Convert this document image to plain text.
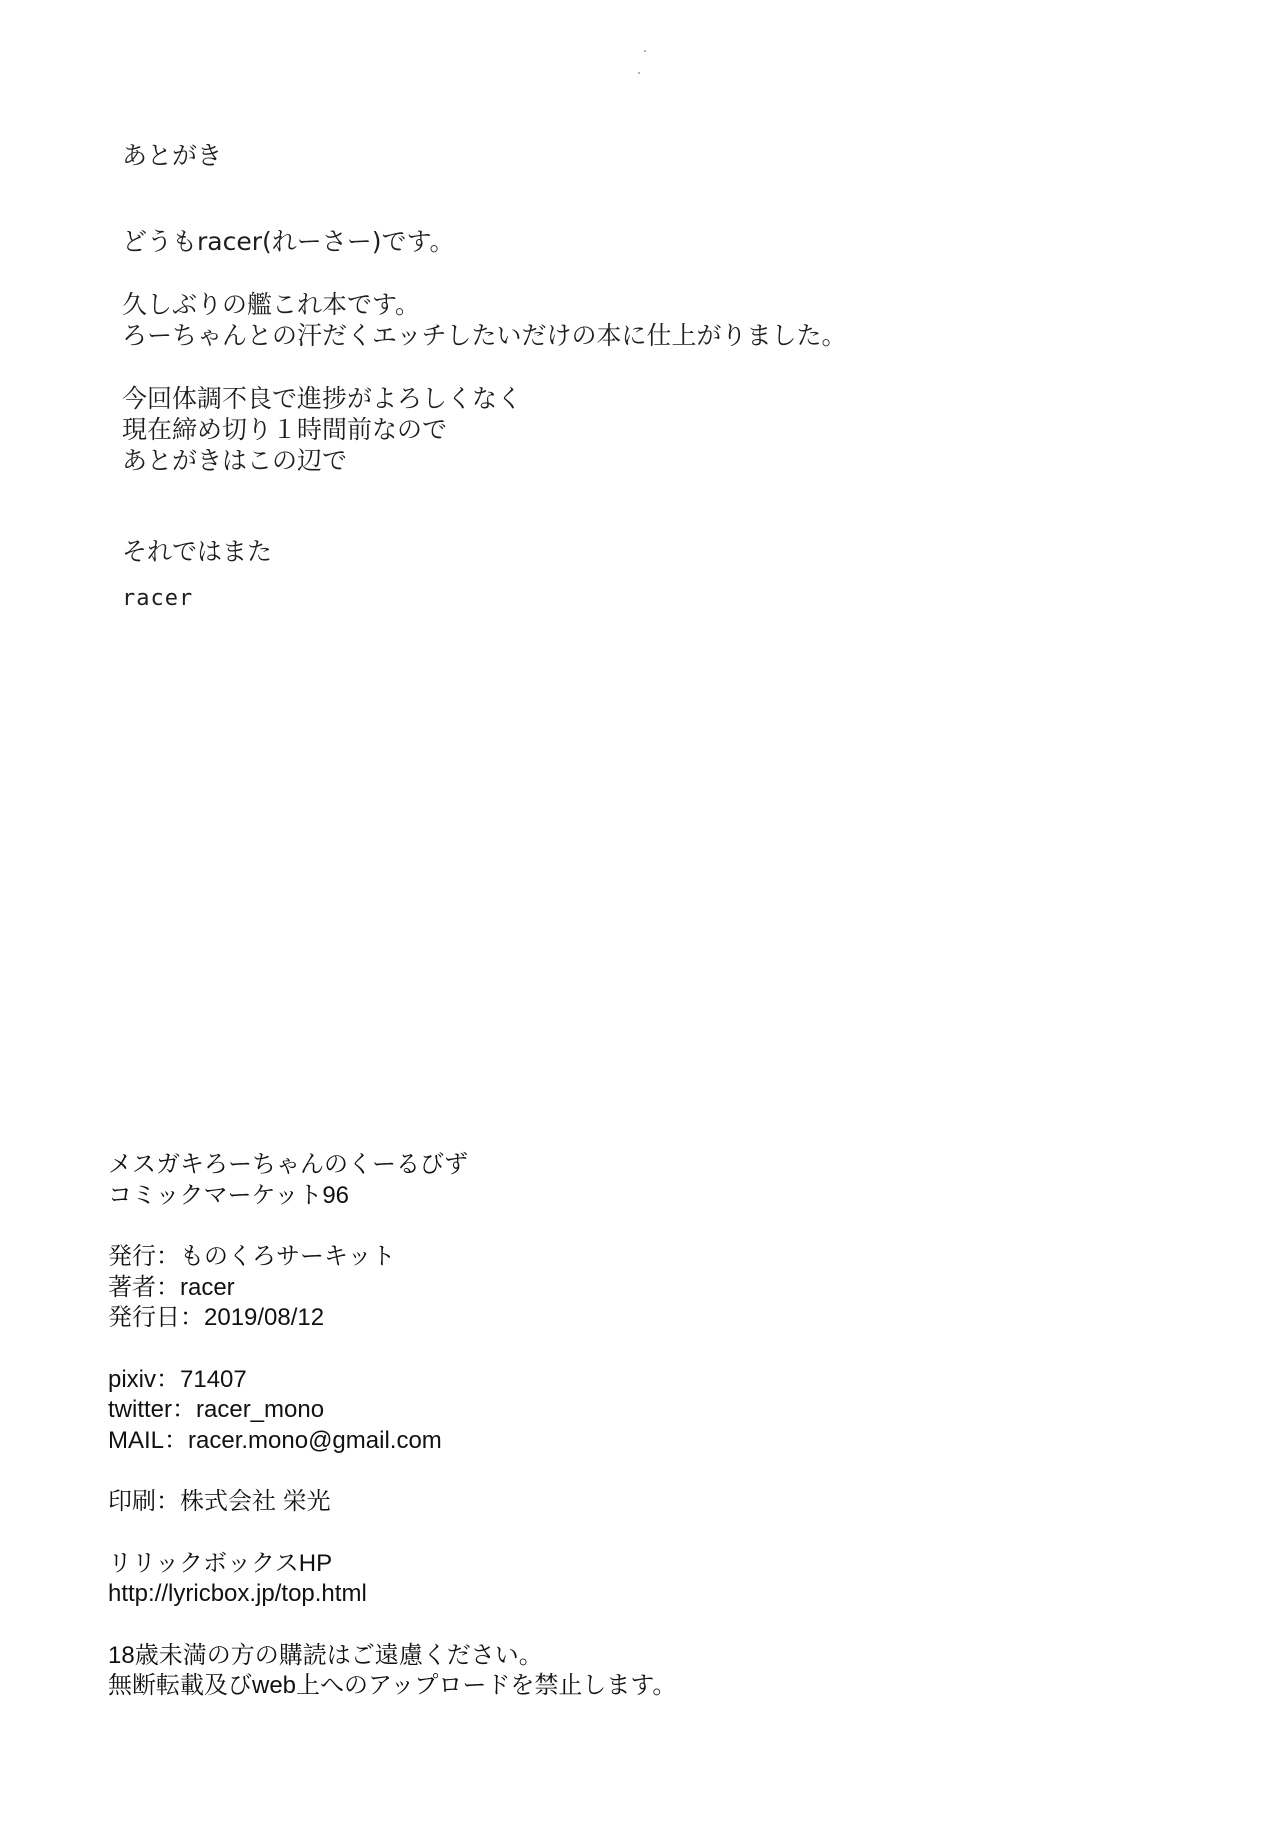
あとがき
どうもracer(れーさー)です。
久しぶりの艦これ本です。
ろーちゃんとの汗だくエッチしたいだけの本に仕上がりました。
今回体調不良で進捗がよろしくなく
現在締め切り１時間前なので
あとがきはこの辺で
それではまた
racer
メスガキろーちゃんのくーるびず
コミックマーケット96
発行：ものくろサーキット
著者：racer
発行日：2019/08/12
pixiv：71407
twitter：racer_mono
MAIL：racer.mono@gmail.com
印刷：株式会社 栄光
リリックボックスHP
http://lyricbox.jp/top.html
18歳未満の方の購読はご遠慮ください。
無断転載及びweb上へのアップロードを禁止します。
